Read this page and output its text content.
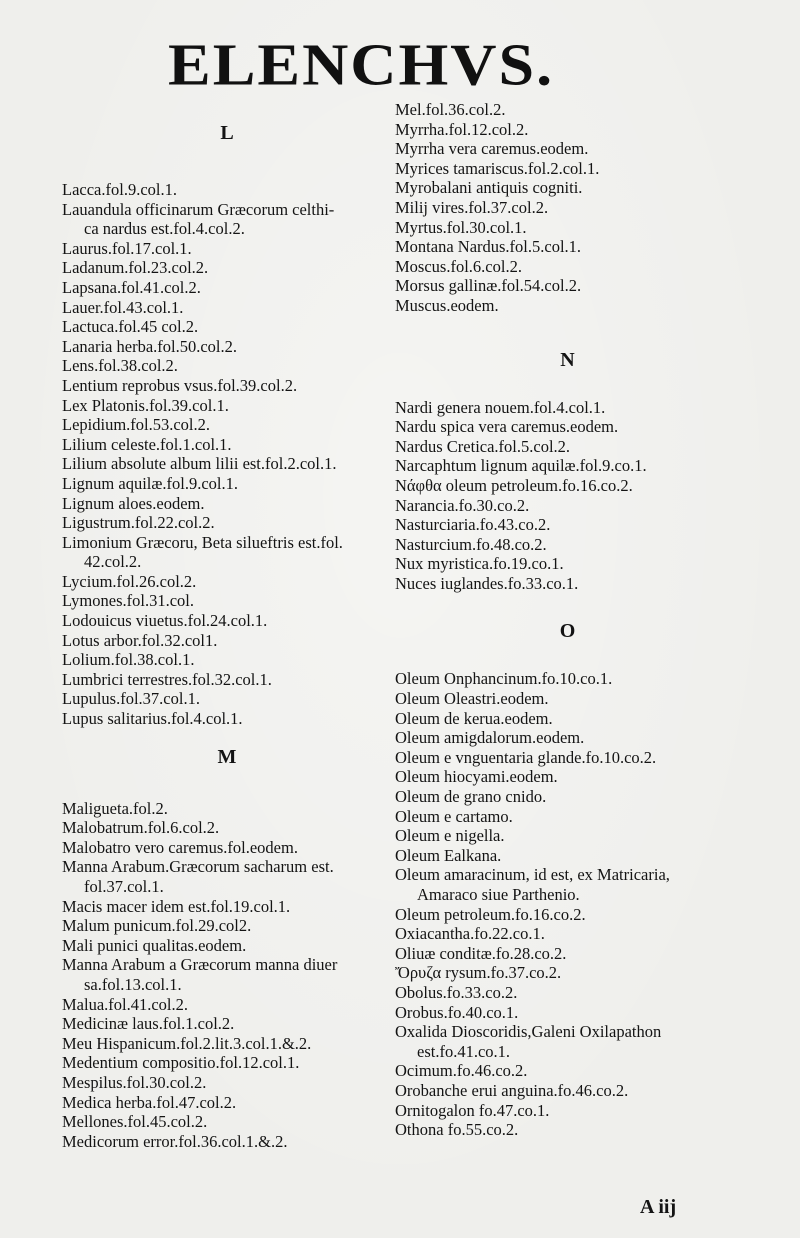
ELENCHVS.
L
Lacca.fol.9.col.1.
Lauandula officinarum Græcorum celthi-
ca nardus est.fol.4.col.2.
Laurus.fol.17.col.1.
Ladanum.fol.23.col.2.
Lapsana.fol.41.col.2.
Lauer.fol.43.col.1.
Lactuca.fol.45 col.2.
Lanaria herba.fol.50.col.2.
Lens.fol.38.col.2.
Lentium reprobus vsus.fol.39.col.2.
Lex Platonis.fol.39.col.1.
Lepidium.fol.53.col.2.
Lilium celeste.fol.1.col.1.
Lilium absolute album lilii est.fol.2.col.1.
Lignum aquilæ.fol.9.col.1.
Lignum aloes.eodem.
Ligustrum.fol.22.col.2.
Limonium Græcoru, Beta silueftris est.fol.
42.col.2.
Lycium.fol.26.col.2.
Lymones.fol.31.col.
Lodouicus viuetus.fol.24.col.1.
Lotus arbor.fol.32.col1.
Lolium.fol.38.col.1.
Lumbrici terrestres.fol.32.col.1.
Lupulus.fol.37.col.1.
Lupus salitarius.fol.4.col.1.
M
Maligueta.fol.2.
Malobatrum.fol.6.col.2.
Malobatro vero caremus.fol.eodem.
Manna Arabum.Græcorum sacharum est.
fol.37.col.1.
Macis macer idem est.fol.19.col.1.
Malum punicum.fol.29.col2.
Mali punici qualitas.eodem.
Manna Arabum a Græcorum manna diuer
sa.fol.13.col.1.
Malua.fol.41.col.2.
Medicinæ laus.fol.1.col.2.
Meu Hispanicum.fol.2.lit.3.col.1.&.2.
Medentium compositio.fol.12.col.1.
Mespilus.fol.30.col.2.
Medica herba.fol.47.col.2.
Mellones.fol.45.col.2.
Medicorum error.fol.36.col.1.&.2.
Mel.fol.36.col.2.
Myrrha.fol.12.col.2.
Myrrha vera caremus.eodem.
Myrices tamariscus.fol.2.col.1.
Myrobalani antiquis cogniti.
Milij vires.fol.37.col.2.
Myrtus.fol.30.col.1.
Montana Nardus.fol.5.col.1.
Moscus.fol.6.col.2.
Morsus gallinæ.fol.54.col.2.
Muscus.eodem.
N
Nardi genera nouem.fol.4.col.1.
Nardu spica vera caremus.eodem.
Nardus Cretica.fol.5.col.2.
Narcaphtum lignum aquilæ.fol.9.co.1.
Νάφθα oleum petroleum.fo.16.co.2.
Narancia.fo.30.co.2.
Nasturciaria.fo.43.co.2.
Nasturcium.fo.48.co.2.
Nux myristica.fo.19.co.1.
Nuces iuglandes.fo.33.co.1.
O
Oleum Onphancinum.fo.10.co.1.
Oleum Oleastri.eodem.
Oleum de kerua.eodem.
Oleum amigdalorum.eodem.
Oleum e vnguentaria glande.fo.10.co.2.
Oleum hiocyami.eodem.
Oleum de grano cnido.
Oleum e cartamo.
Oleum e nigella.
Oleum Ealkana.
Oleum amaracinum, id est, ex Matricaria,
Amaraco siue Parthenio.
Oleum petroleum.fo.16.co.2.
Oxiacantha.fo.22.co.1.
Oliuæ conditæ.fo.28.co.2.
Ὄρυζα rysum.fo.37.co.2.
Obolus.fo.33.co.2.
Orobus.fo.40.co.1.
Oxalida Dioscoridis,Galeni Oxilapathon
est.fo.41.co.1.
Ocimum.fo.46.co.2.
Orobanche erui anguina.fo.46.co.2.
Ornitogalon fo.47.co.1.
Othona fo.55.co.2.
A iij
